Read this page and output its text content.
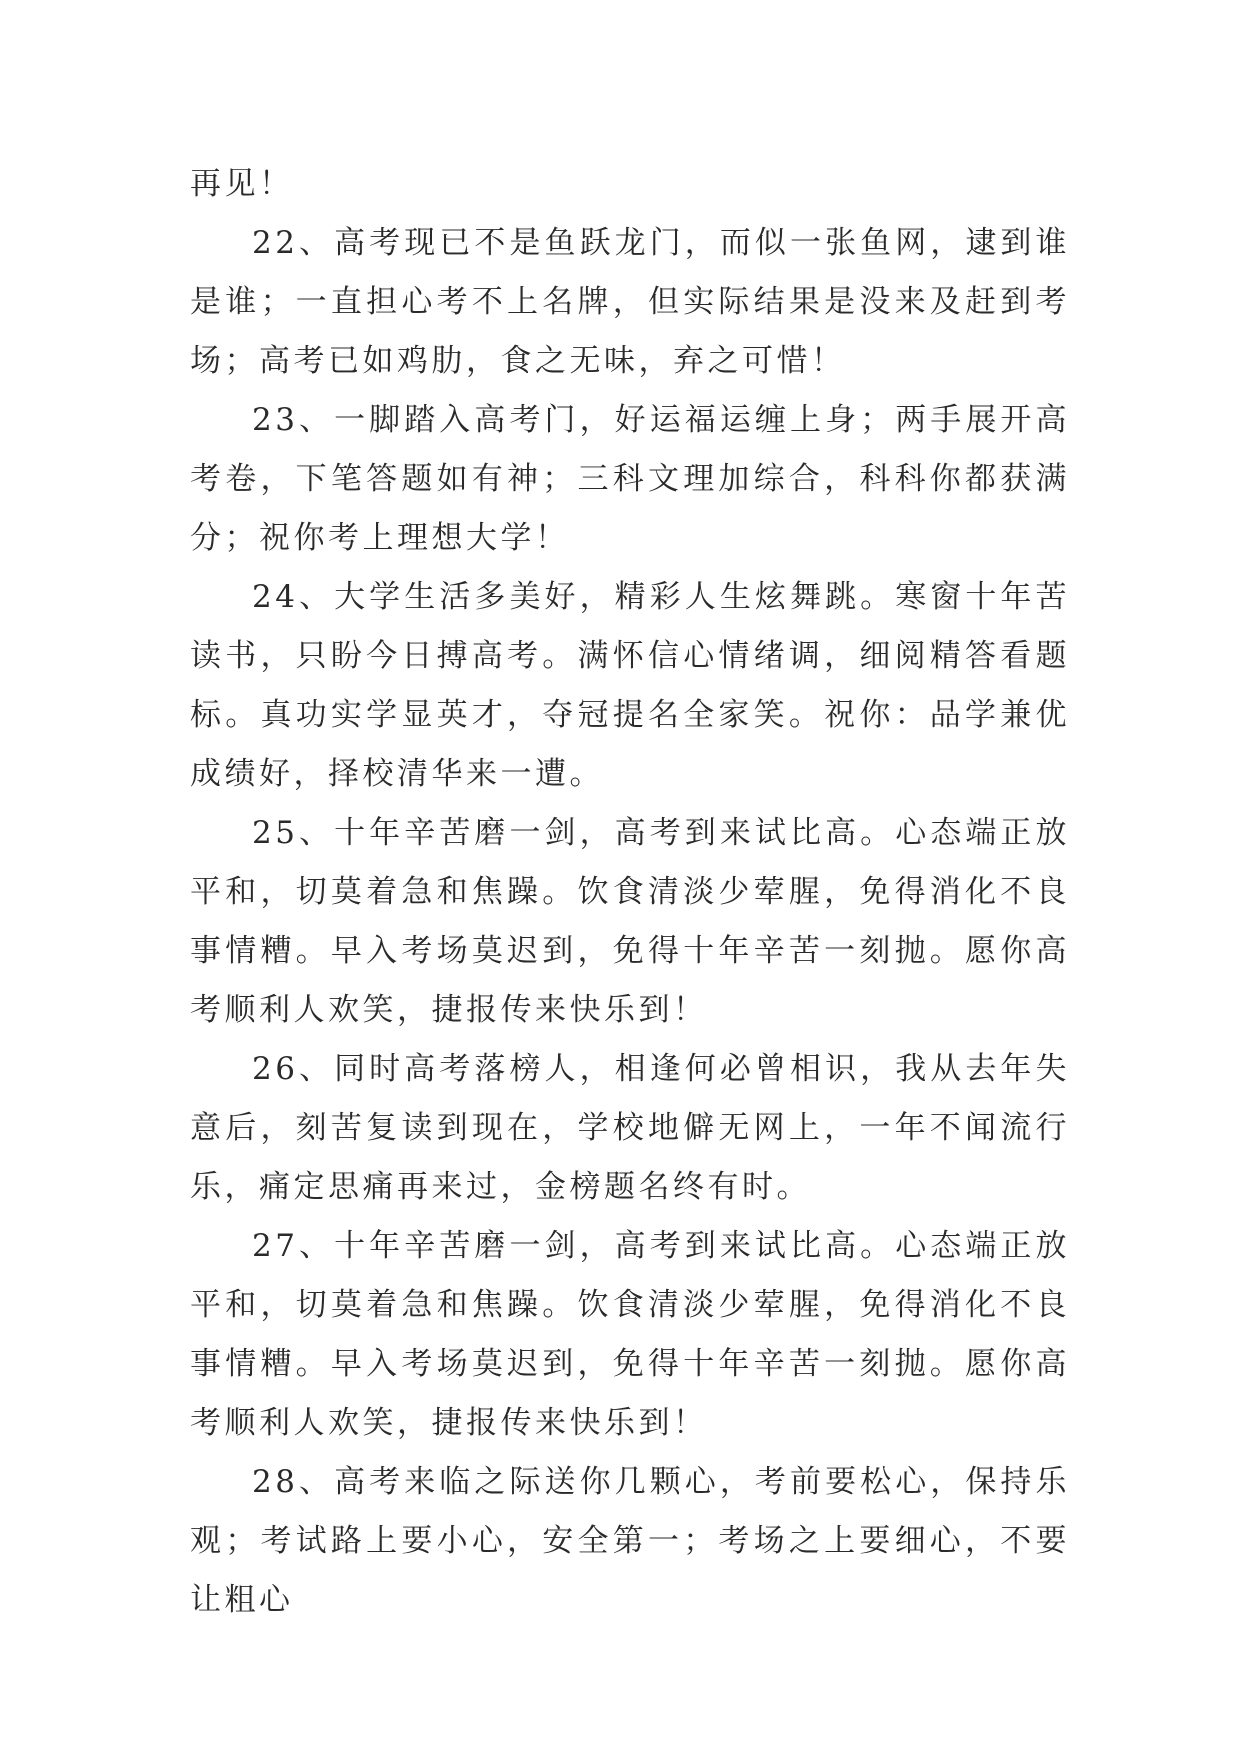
再见！

22、高考现已不是鱼跃龙门，而似一张鱼网，逮到谁是谁；一直担心考不上名牌，但实际结果是没来及赶到考场；高考已如鸡肋，食之无味，弃之可惜！

23、一脚踏入高考门，好运福运缠上身；两手展开高考卷，下笔答题如有神；三科文理加综合，科科你都获满分；祝你考上理想大学！

24、大学生活多美好，精彩人生炫舞跳。寒窗十年苦读书，只盼今日搏高考。满怀信心情绪调，细阅精答看题标。真功实学显英才，夺冠提名全家笑。祝你：品学兼优成绩好，择校清华来一遭。

25、十年辛苦磨一剑，高考到来试比高。心态端正放平和，切莫着急和焦躁。饮食清淡少荤腥，免得消化不良事情糟。早入考场莫迟到，免得十年辛苦一刻抛。愿你高考顺利人欢笑，捷报传来快乐到！

26、同时高考落榜人，相逢何必曾相识，我从去年失意后，刻苦复读到现在，学校地僻无网上，一年不闻流行乐，痛定思痛再来过，金榜题名终有时。

27、十年辛苦磨一剑，高考到来试比高。心态端正放平和，切莫着急和焦躁。饮食清淡少荤腥，免得消化不良事情糟。早入考场莫迟到，免得十年辛苦一刻抛。愿你高考顺利人欢笑，捷报传来快乐到！

28、高考来临之际送你几颗心，考前要松心，保持乐观；考试路上要小心，安全第一；考场之上要细心，不要让粗心
